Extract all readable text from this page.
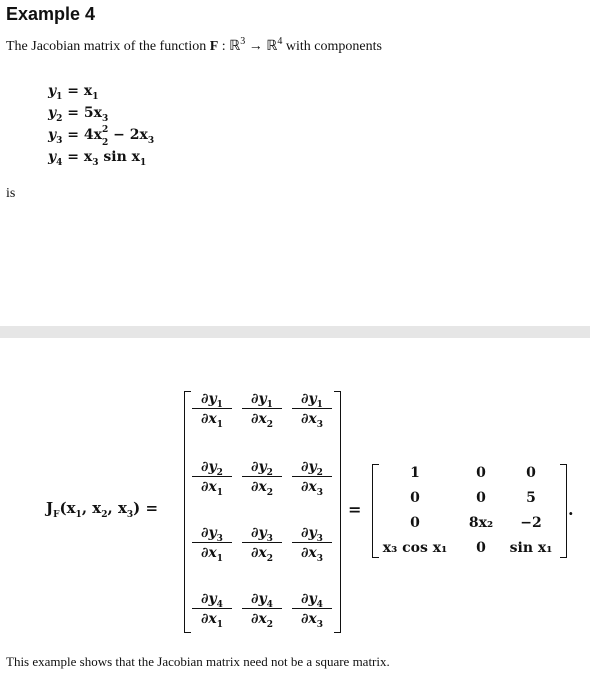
Example 4
The Jacobian matrix of the function F : ℝ$^3$ → ℝ$^4$ with components
$y_1 = x_1$
$y_2 = 5x_3$
$y_3 = 4x^2$
$2 - 2x_3$
$y_4 = x_3$ $\sin x_1$
is
$J_F(x_1$, $x_2$, $x_3$) =
$\frac{\partial y_1}{\partial x_1} \frac{\partial y_1}{\partial x_2} \frac{\partial y_1}{\partial x_3}$
$\frac{\partial y_2}{\partial x_1} \frac{\partial y_2}{\partial x_2} \frac{\partial y_2}{\partial x_3}$
$\frac{\partial y_3}{\partial x_1} \frac{\partial y_3}{\partial x_2} \frac{\partial y_3}{\partial x_3}$
$\frac{\partial y_4}{\partial x_1} \frac{\partial y_4}{\partial x_2} \frac{\partial y_4}{\partial x_3}$
=
1	0	0
0	0	5
0	8x₂	−2
x₃ cos x₁	0	sin x₁
.
This example shows that the Jacobian matrix need not be a square matrix.
